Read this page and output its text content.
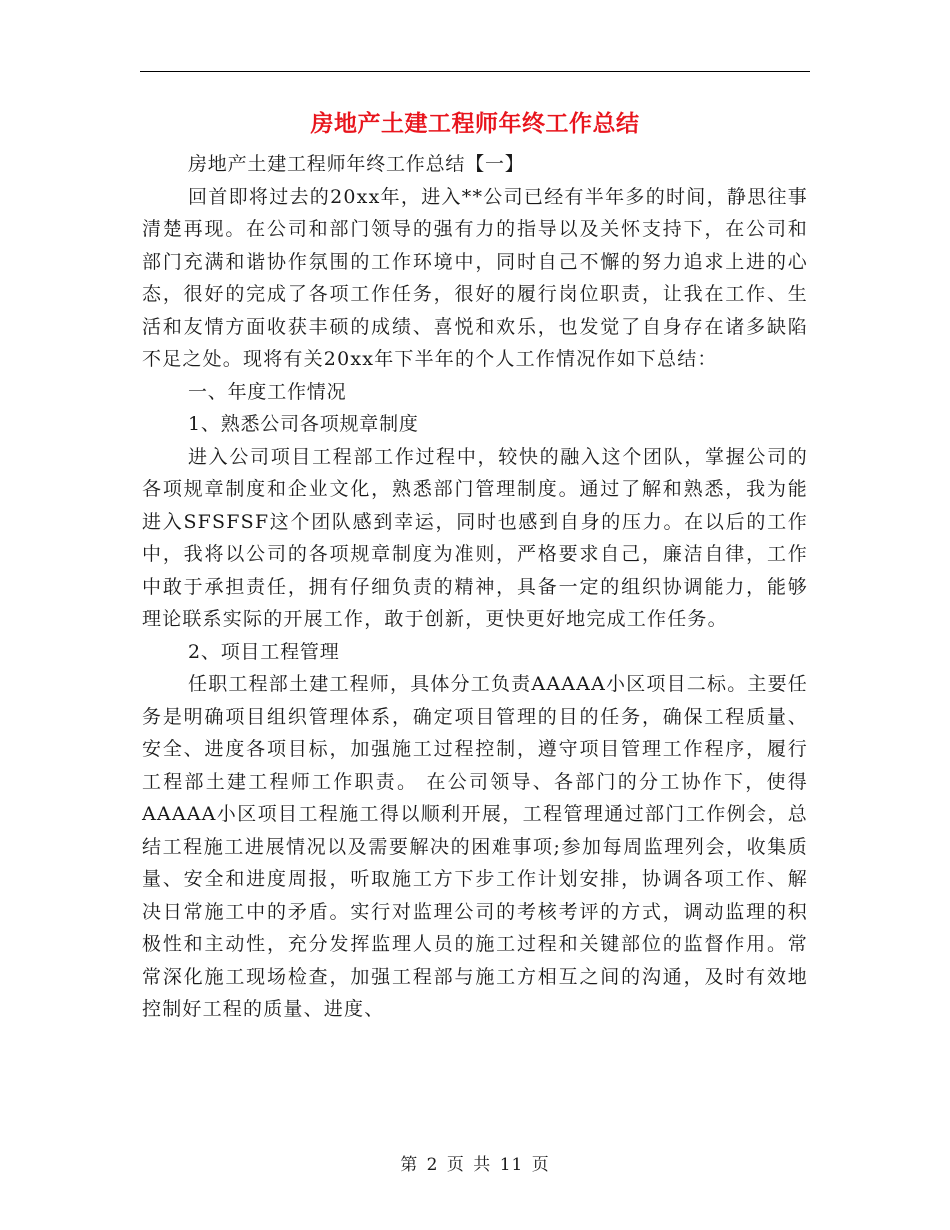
房地产土建工程师年终工作总结

房地产土建工程师年终工作总结【一】

回首即将过去的20xx年，进入**公司已经有半年多的时间，静思往事清楚再现。在公司和部门领导的强有力的指导以及关怀支持下，在公司和部门充满和谐协作氛围的工作环境中，同时自己不懈的努力追求上进的心态，很好的完成了各项工作任务，很好的履行岗位职责，让我在工作、生活和友情方面收获丰硕的成绩、喜悦和欢乐，也发觉了自身存在诸多缺陷不足之处。现将有关20xx年下半年的个人工作情况作如下总结：

一、年度工作情况

1、熟悉公司各项规章制度

进入公司项目工程部工作过程中，较快的融入这个团队，掌握公司的各项规章制度和企业文化，熟悉部门管理制度。通过了解和熟悉，我为能进入SFSFSF这个团队感到幸运，同时也感到自身的压力。在以后的工作中，我将以公司的各项规章制度为准则，严格要求自己，廉洁自律，工作中敢于承担责任，拥有仔细负责的精神，具备一定的组织协调能力，能够理论联系实际的开展工作，敢于创新，更快更好地完成工作任务。

2、项目工程管理

任职工程部土建工程师，具体分工负责AAAAA小区项目二标。主要任务是明确项目组织管理体系，确定项目管理的目的任务，确保工程质量、安全、进度各项目标，加强施工过程控制，遵守项目管理工作程序，履行工程部土建工程师工作职责。 在公司领导、各部门的分工协作下，使得AAAAA小区项目工程施工得以顺利开展，工程管理通过部门工作例会，总结工程施工进展情况以及需要解决的困难事项;参加每周监理列会，收集质量、安全和进度周报，听取施工方下步工作计划安排，协调各项工作、解决日常施工中的矛盾。实行对监理公司的考核考评的方式，调动监理的积极性和主动性，充分发挥监理人员的施工过程和关键部位的监督作用。常常深化施工现场检查，加强工程部与施工方相互之间的沟通，及时有效地控制好工程的质量、进度、

第 2 页 共 11 页
